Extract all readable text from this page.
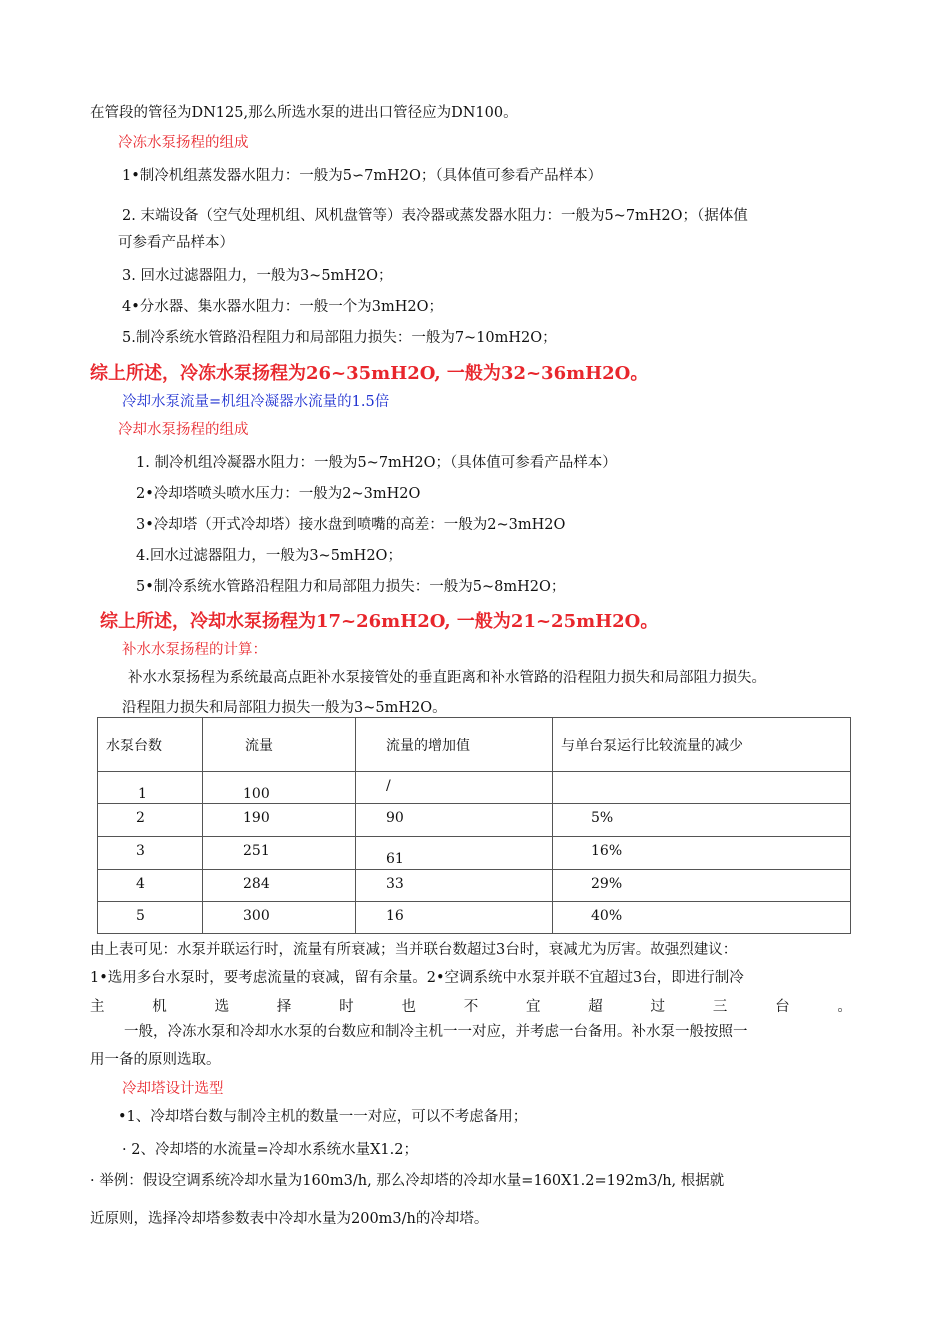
在管段的管径为DN125,那么所选水泵的进出口管径应为DN100。
冷冻水泵扬程的组成
1•制冷机组蒸发器水阻力：一般为5∽7mH2O；（具体值可参看产品样本）
2. 末端设备（空气处理机组、风机盘管等）表冷器或蒸发器水阻力：一般为5~7mH2O；（据体值
可参看产品样本）
3. 回水过滤器阻力，一般为3~5mH2O；
4•分水器、集水器水阻力：一般一个为3mH2O；
5.制冷系统水管路沿程阻力和局部阻力损失：一般为7~10mH2O；
综上所述，冷冻水泵扬程为26~35mH2O, 一般为32~36mH2O。
冷却水泵流量=机组冷凝器水流量的1.5倍
冷却水泵扬程的组成
1. 制冷机组冷凝器水阻力：一般为5~7mH2O；（具体值可参看产品样本）
2•冷却塔喷头喷水压力：一般为2~3mH2O
3•冷却塔（开式冷却塔）接水盘到喷嘴的高差：一般为2~3mH2O
4.回水过滤器阻力，一般为3~5mH2O；
5•制冷系统水管路沿程阻力和局部阻力损失：一般为5~8mH2O；
综上所述，冷却水泵扬程为17~26mH2O, 一般为21~25mH2O。
补水水泵扬程的计算：
补水水泵扬程为系统最高点距补水泵接管处的垂直距离和补水管路的沿程阻力损失和局部阻力损失。
沿程阻力损失和局部阻力损失一般为3~5mH2O。
水泵台数	流量	流量的增加值	与单台泵运行比较流量的减少
1	100	/	
2	190	90	5%
3	251	61	16%
4	284	33	29%
5	300	16	40%
由上表可见：水泵并联运行时，流量有所衰减；当并联台数超过3台时，衰减尤为厉害。故强烈建议：
1•选用多台水泵时，要考虑流量的衰减，留有余量。2•空调系统中水泵并联不宜超过3台，即进行制冷
主	机	选	择	时	也	不	宜	超	过	三	台	。
一般，冷冻水泵和冷却水水泵的台数应和制冷主机一一对应，并考虑一台备用。补水泵一般按照一
用一备的原则选取。
冷却塔设计选型
•1、冷却塔台数与制冷主机的数量一一对应，可以不考虑备用；
· 2、冷却塔的水流量=冷却水系统水量Ⅹ1.2；
· 举例：假设空调系统冷却水量为160m3/h, 那么冷却塔的冷却水量=160Ⅹ1.2=192m3/h, 根据就
近原则，选择冷却塔参数表中冷却水量为200m3/h的冷却塔。
